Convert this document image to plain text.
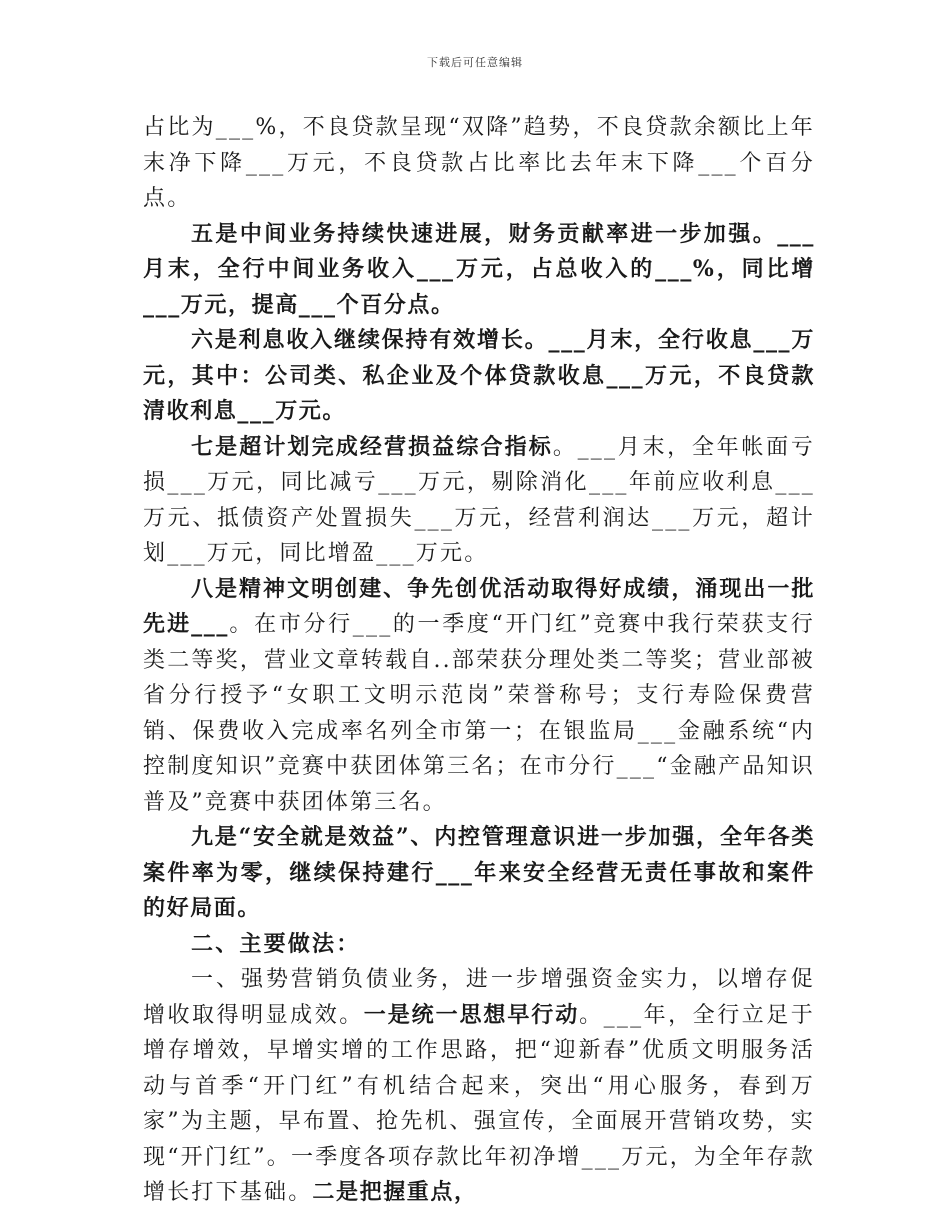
下载后可任意编辑

占比为___%，不良贷款呈现“双降”趋势，不良贷款余额比上年末净下降___万元，不良贷款占比率比去年末下降___个百分点。

五是中间业务持续快速进展，财务贡献率进一步加强。___月末，全行中间业务收入___万元，占总收入的___%，同比增___万元，提高___个百分点。

六是利息收入继续保持有效增长。___月末，全行收息___万元，其中：公司类、私企业及个体贷款收息___万元，不良贷款清收利息___万元。

七是超计划完成经营损益综合指标。___月末，全年帐面亏损___万元，同比减亏___万元，剔除消化___年前应收利息___万元、抵债资产处置损失___万元，经营利润达___万元，超计划___万元，同比增盈___万元。

八是精神文明创建、争先创优活动取得好成绩，涌现出一批先进___。在市分行___的一季度“开门红”竞赛中我行荣获支行类二等奖，营业文章转载自..部荣获分理处类二等奖；营业部被省分行授予“女职工文明示范岗”荣誉称号；支行寿险保费营销、保费收入完成率名列全市第一；在银监局___金融系统“内控制度知识”竞赛中获团体第三名；在市分行___“金融产品知识普及”竞赛中获团体第三名。

九是“安全就是效益”、内控管理意识进一步加强，全年各类案件率为零，继续保持建行___年来安全经营无责任事故和案件的好局面。

二、主要做法：

一、强势营销负债业务，进一步增强资金实力，以增存促增收取得明显成效。一是统一思想早行动。___年，全行立足于增存增效，早增实增的工作思路，把“迎新春”优质文明服务活动与首季“开门红”有机结合起来，突出“用心服务，春到万家”为主题，早布置、抢先机、强宣传，全面展开营销攻势，实现“开门红”。一季度各项存款比年初净增___万元，为全年存款增长打下基础。二是把握重点，
